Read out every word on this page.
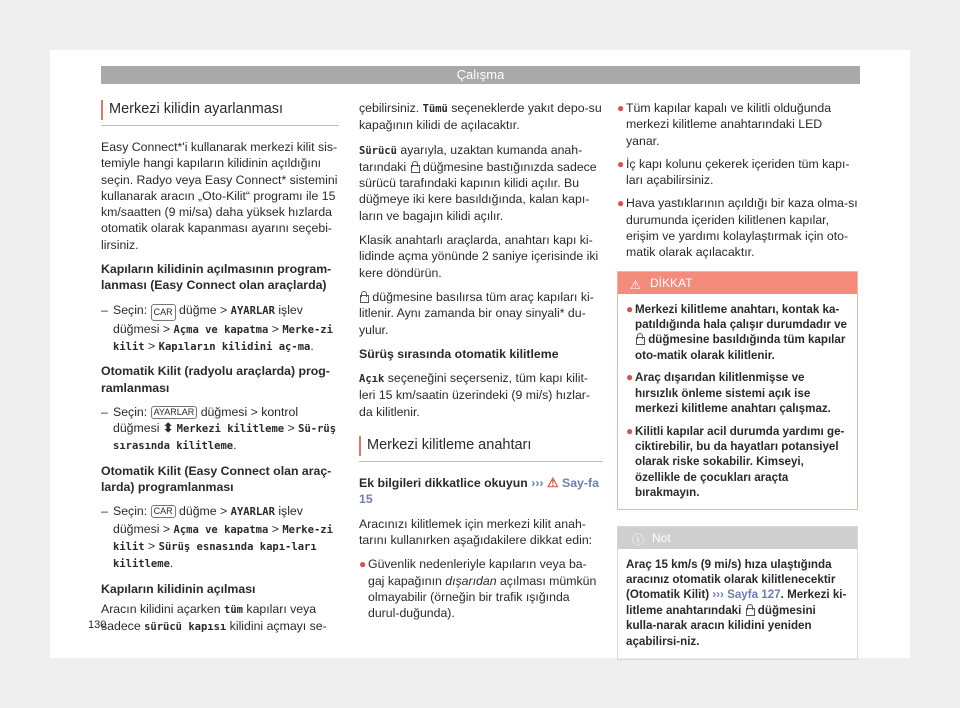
Çalışma
Merkezi kilidin ayarlanması

Easy Connect*'i kullanarak merkezi kilit sis-temiyle hangi kapıların kilidinin açıldığını seçin. Radyo veya Easy Connect* sistemini kullanarak aracın „Oto-Kilit“ programı ile 15 km/saatten (9 mi/sa) daha yüksek hızlarda otomatik olarak kapanması ayarını seçebi-lirsiniz.

Kapıların kilidinin açılmasının program-lanması (Easy Connect olan araçlarda)

– Seçin: CAR düğme > AYARLAR işlev düğmesi > Açma ve kapatma > Merke-zi kilit > Kapıların kilidini aç-ma.

Otomatik Kilit (radyolu araçlarda) prog-ramlanması

– Seçin: AYARLAR düğmesi > kontrol düğmesi ⬍ Merkezi kilitleme > Sü-rüş sırasında kilitleme.

Otomatik Kilit (Easy Connect olan araç-larda) programlanması

– Seçin: CAR düğme > AYARLAR işlev düğmesi > Açma ve kapatma > Merke-zi kilit > Sürüş esnasında kapı-ları kilitleme.

Kapıların kilidinin açılması

Aracın kilidini açarken tüm kapıları veya sadece sürücü kapısı kilidini açmayı se-

çebilirsiniz. Tümü seçeneklerde yakıt depo-su kapağının kilidi de açılacaktır.

Sürücü ayarıyla, uzaktan kumanda anah-tarındaki  düğmesine bastığınızda sadece sürücü tarafındaki kapının kilidi açılır. Bu düğmeye iki kere basıldığında, kalan kapı-ların ve bagajın kilidi açılır.

Klasik anahtarlı araçlarda, anahtarı kapı ki-lidinde açma yönünde 2 saniye içerisinde iki kere döndürün.

düğmesine basılırsa tüm araç kapıları ki-litlenir. Aynı zamanda bir onay sinyali* du-yulur.

Sürüş sırasında otomatik kilitleme

Açık seçeneğini seçerseniz, tüm kapı kilit-leri 15 km/saatin üzerindeki (9 mi/s) hızlar-da kilitlenir.

Merkezi kilitleme anahtarı

Ek bilgileri dikkatlice okuyun ››› ⚠ Say-fa 15

Aracınızı kilitlemek için merkezi kilit anah-tarını kullanırken aşağıdakilere dikkat edin:

● Güvenlik nedenleriyle kapıların veya ba-gaj kapağının dışarıdan açılması mümkün olmayabilir (örneğin bir trafik ışığında durul-duğunda).
● Tüm kapılar kapalı ve kilitli olduğunda merkezi kilitleme anahtarındaki LED yanar.
● İç kapı kolunu çekerek içeriden tüm kapı-ları açabilirsiniz.
● Hava yastıklarının açıldığı bir kaza olma-sı durumunda içeriden kilitlenen kapılar, erişim ve yardımı kolaylaştırmak için oto-matik olarak açılacaktır.
⚠ DİKKAT
● Merkezi kilitleme anahtarı, kontak ka-patıldığında hala çalışır durumdadır ve  düğmesine basıldığında tüm kapılar oto-matik olarak kilitlenir.
● Araç dışarıdan kilitlenmişse ve hırsızlık önleme sistemi açık ise merkezi kilitleme anahtarı çalışmaz.
● Kilitli kapılar acil durumda yardımı ge-ciktirebilir, bu da hayatları potansiyel olarak riske sokabilir. Kimseyi, özellikle de çocukları araçta bırakmayın.
ⓘ Not
Araç 15 km/s (9 mi/s) hıza ulaştığında aracınız otomatik olarak kilitlenecektir (Otomatik Kilit) ››› Sayfa 127. Merkezi ki-litleme anahtarındaki  düğmesini kulla-narak aracın kilidini yeniden açabilirsi-niz.
130
